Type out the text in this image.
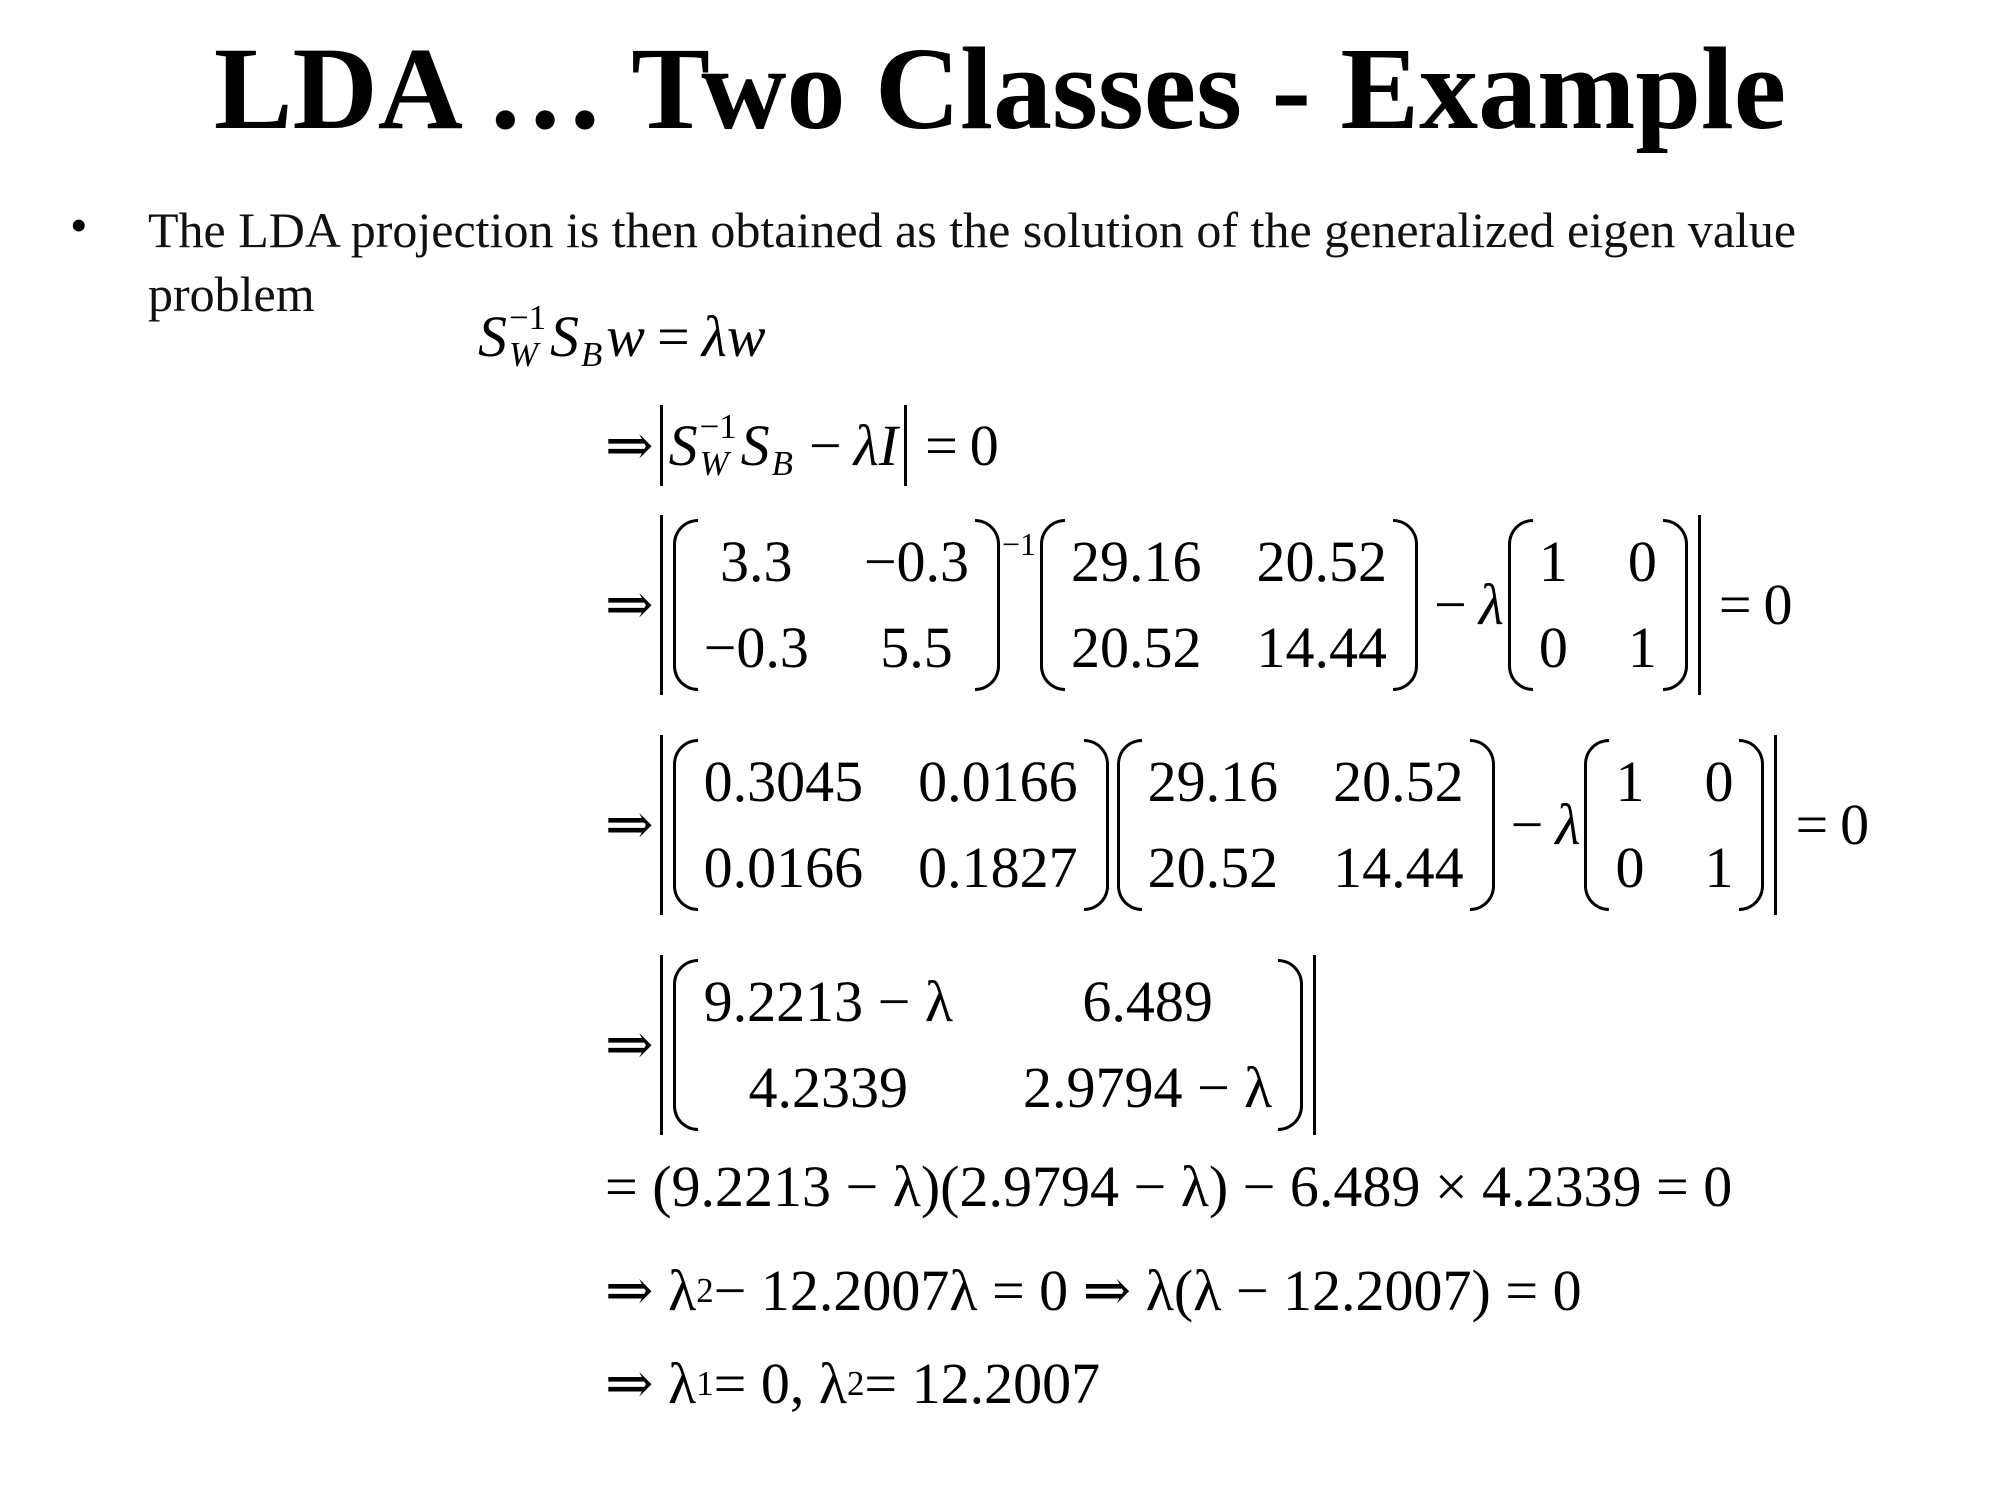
LDA … Two Classes - Example
• The LDA projection is then obtained as the solution of the generalized eigen value problem
S −1
W S B w = λw
⇒ S −1
W S B − λ I = 0
⇒
3.3 −0.3
−0.3 5.5
−1 29.16 20.52
20.52 14.44
− λ
1 0
0 1
= 0
⇒
0.3045 0.0166
0.0166 0.1827
29.16 20.52
20.52 14.44
− λ
1 0
0 1
= 0
⇒
9.2213 − λ	6.489
4.2339	2.9794 − λ
= (9.2213 − λ)(2.9794 − λ) − 6.489 × 4.2339 = 0
⇒ λ 2 − 12.2007λ = 0 ⇒ λ(λ − 12.2007) = 0
⇒ λ 1 = 0, λ 2 = 12.2007
